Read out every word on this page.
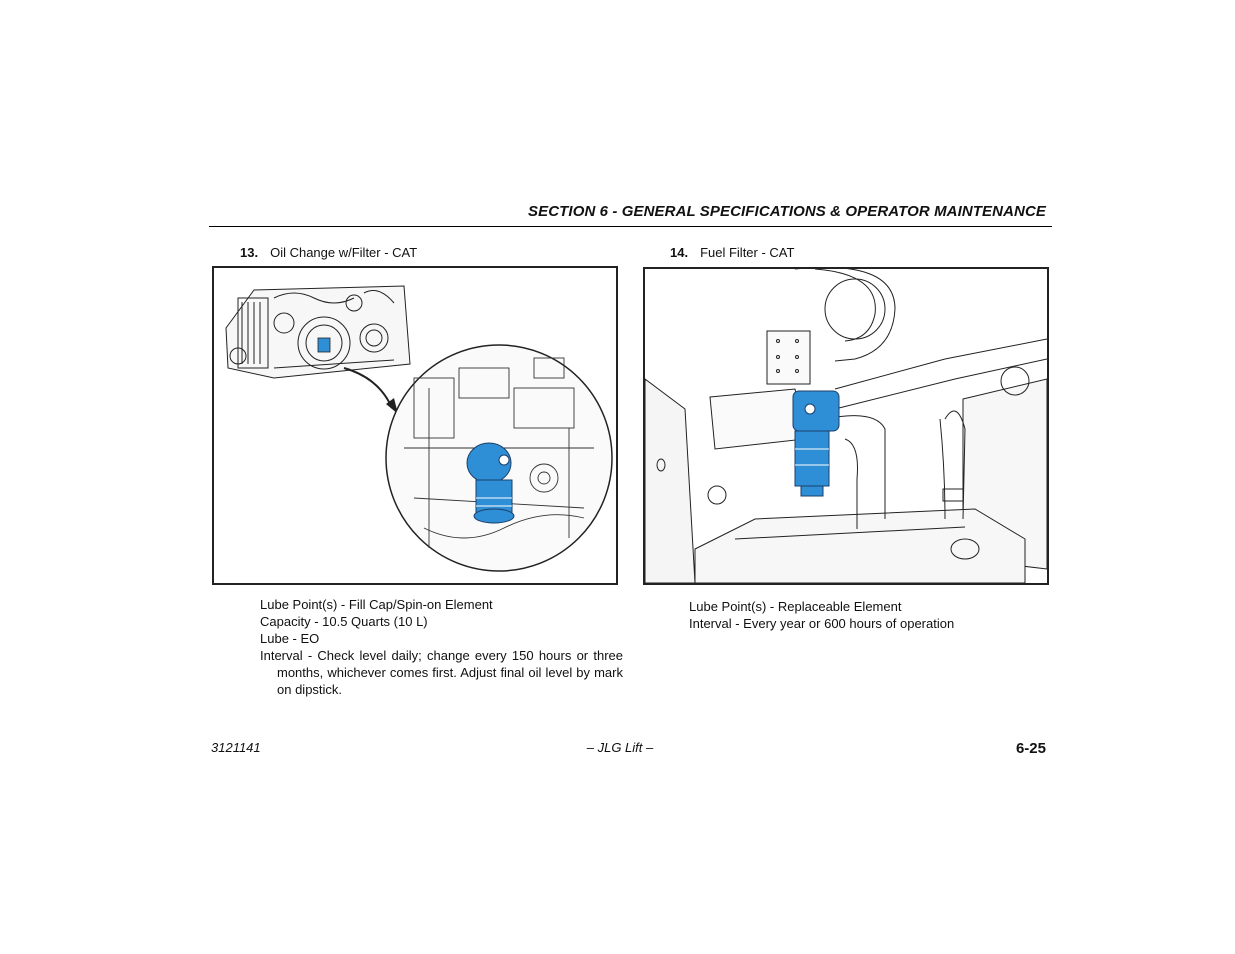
SECTION 6 - GENERAL SPECIFICATIONS & OPERATOR MAINTENANCE
13. Oil Change w/Filter - CAT

Lube Point(s) - Fill Cap/Spin-on Element

Capacity - 10.5 Quarts (10 L)

Lube - EO

Interval - Check level daily; change every 150 hours or three months, whichever comes first. Adjust final oil level by mark on dipstick.

14. Fuel Filter - CAT

Lube Point(s) - Replaceable Element

Interval - Every year or 600 hours of operation

3121141	– JLG Lift –	6-25
